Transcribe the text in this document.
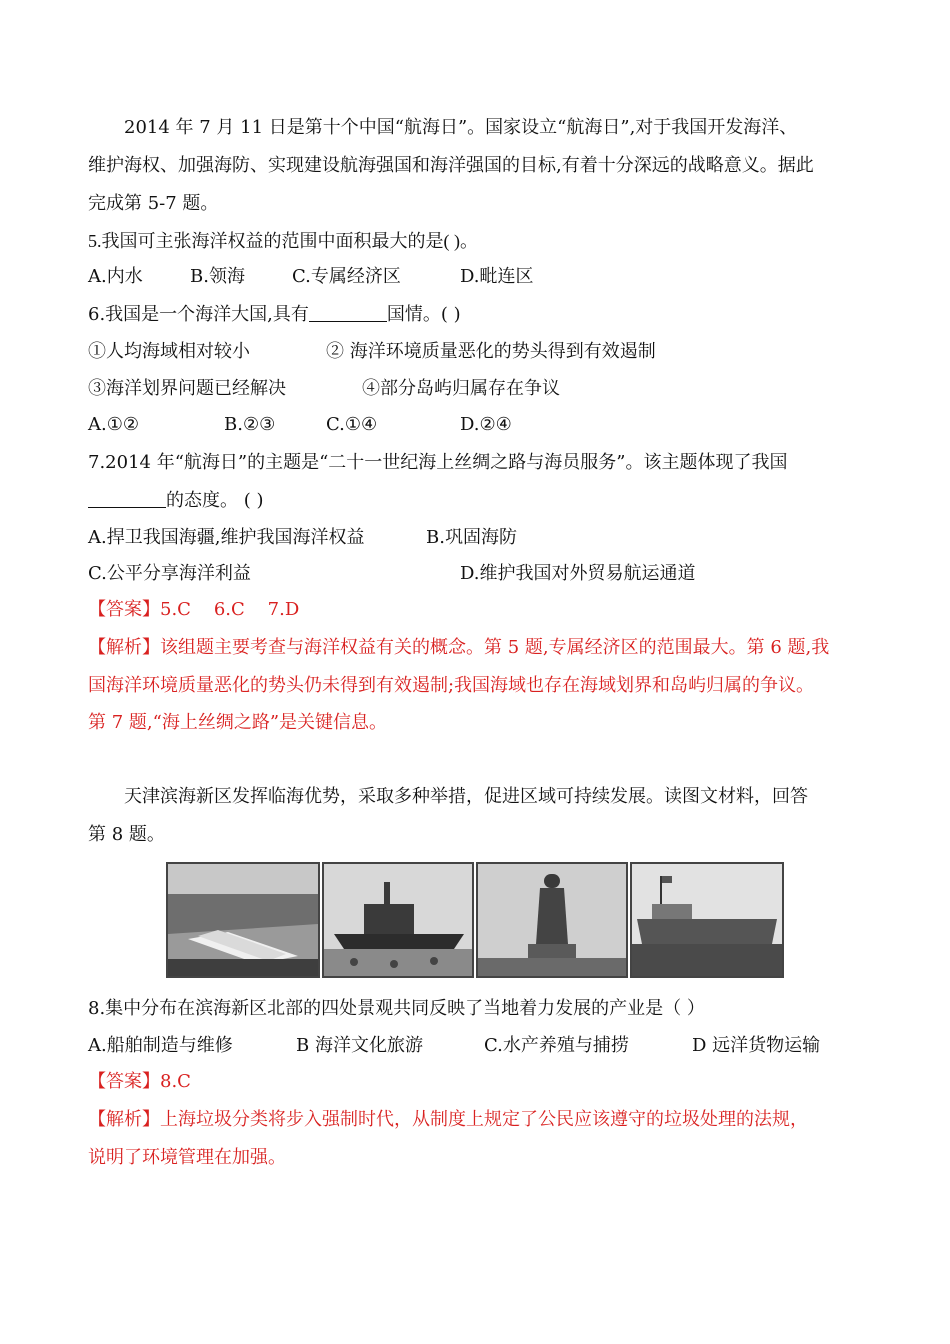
2014 年 7 月 11 日是第十个中国“航海日”。国家设立“航海日”,对于我国开发海洋、
维护海权、加强海防、实现建设航海强国和海洋强国的目标,有着十分深远的战略意义。据此
完成第 5-7 题。
5.我国可主张海洋权益的范围中面积最大的是( )。
A.内水	B.领海	C.专属经济区	D.毗连区
6.我国是一个海洋大国,具有	国情。( )
①人均海域相对较小	② 海洋环境质量恶化的势头得到有效遏制
③海洋划界问题已经解决	④部分岛屿归属存在争议
A.①②	B.②③	C.①④	D.②④
7.2014 年“航海日”的主题是“二十一世纪海上丝绸之路与海员服务”。该主题体现了我国
的态度。 ( )
A.捍卫我国海疆,维护我国海洋权益	B.巩固海防
C.公平分享海洋利益	D.维护我国对外贸易航运通道
【答案】5.C    6.C    7.D
【解析】该组题主要考查与海洋权益有关的概念。第 5 题,专属经济区的范围最大。第 6 题,我
国海洋环境质量恶化的势头仍未得到有效遏制;我国海域也存在海域划界和岛屿归属的争议。
第 7 题,“海上丝绸之路”是关键信息。
天津滨海新区发挥临海优势，采取多种举措，促进区域可持续发展。读图文材料，回答
第 8 题。
8.集中分布在滨海新区北部的四处景观共同反映了当地着力发展的产业是（ ）
A.船舶制造与维修	B 海洋文化旅游	C.水产养殖与捕捞	D 远洋货物运输
【答案】8.C
【解析】上海垃圾分类将步入强制时代，从制度上规定了公民应该遵守的垃圾处理的法规，
说明了环境管理在加强。
